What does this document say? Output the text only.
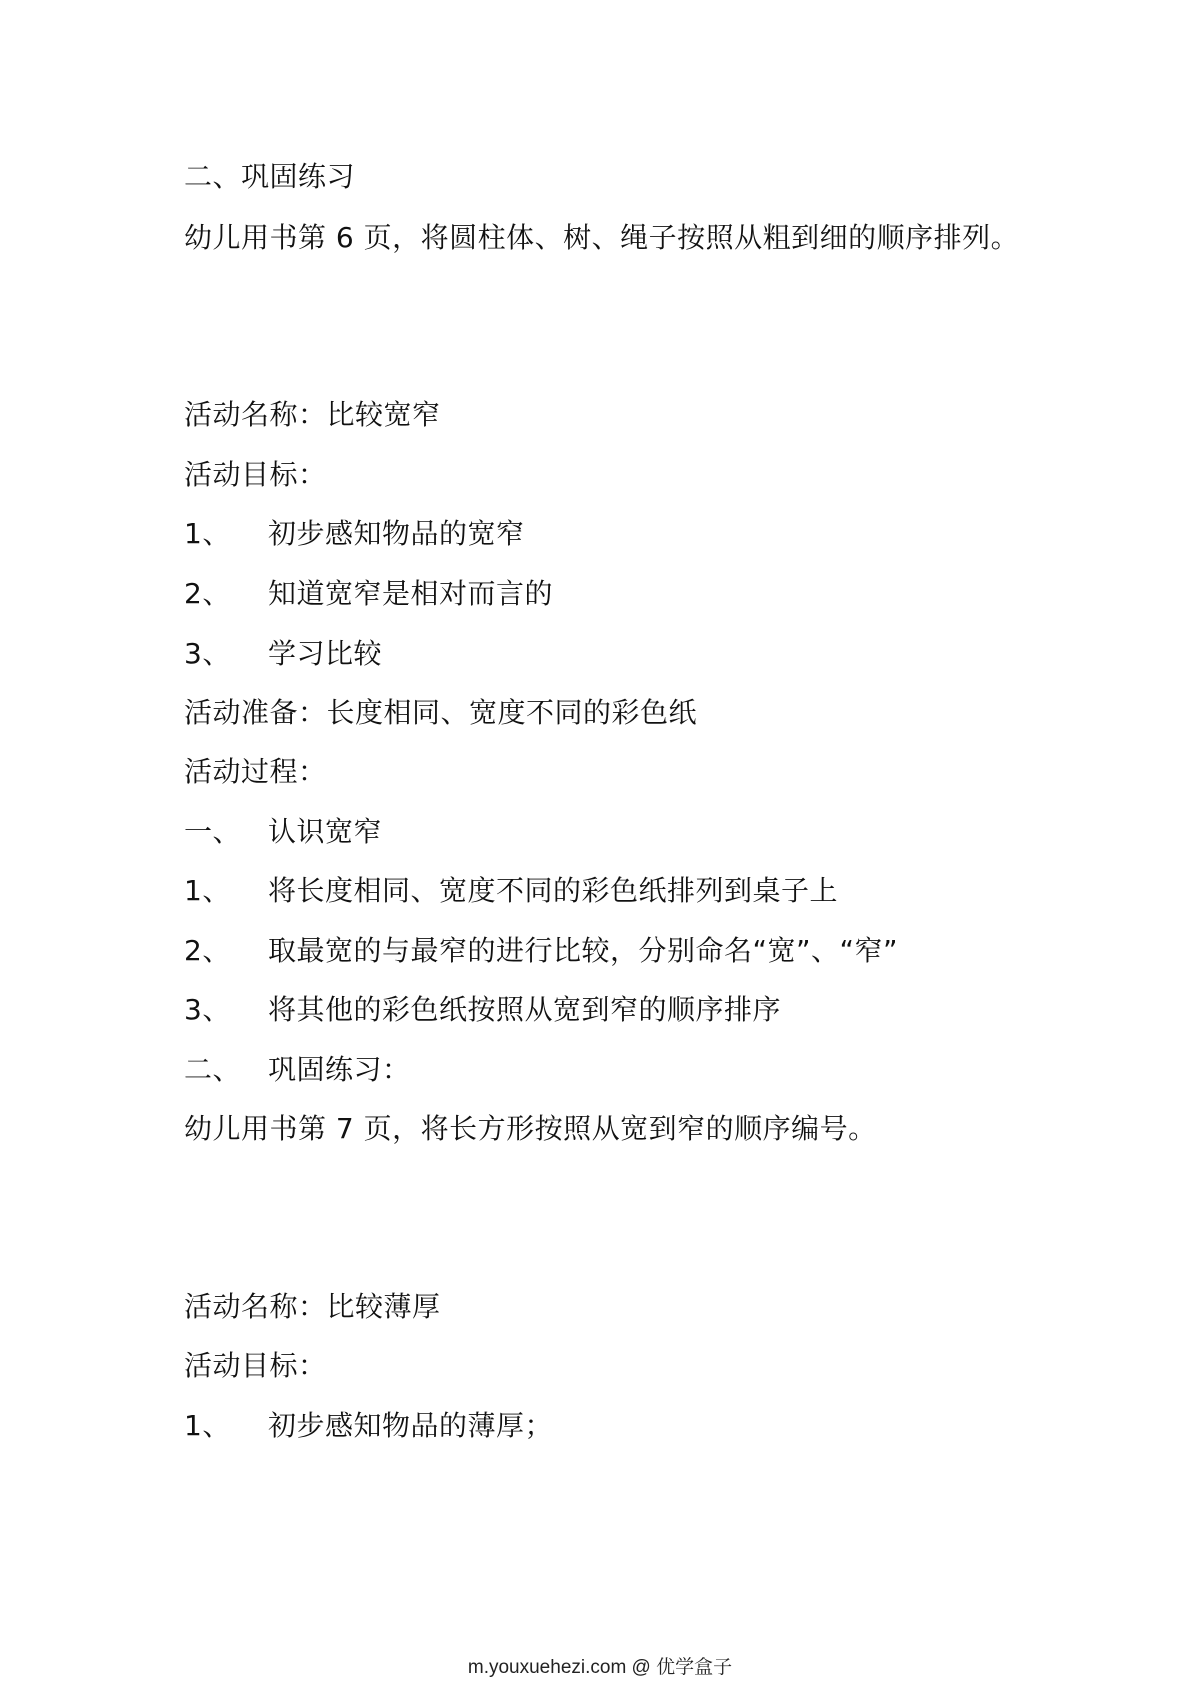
二、巩固练习
幼儿用书第 6 页，将圆柱体、树、绳子按照从粗到细的顺序排列。
活动名称：比较宽窄
活动目标：
1、 初步感知物品的宽窄
2、 知道宽窄是相对而言的
3、 学习比较
活动准备：长度相同、宽度不同的彩色纸
活动过程：
一、 认识宽窄
1、 将长度相同、宽度不同的彩色纸排列到桌子上
2、 取最宽的与最窄的进行比较，分别命名“宽”、“窄”
3、 将其他的彩色纸按照从宽到窄的顺序排序
二、 巩固练习：
幼儿用书第 7 页，将长方形按照从宽到窄的顺序编号。
活动名称：比较薄厚
活动目标：
1、 初步感知物品的薄厚；
m.youxuehezi.com @ 优学盒子
